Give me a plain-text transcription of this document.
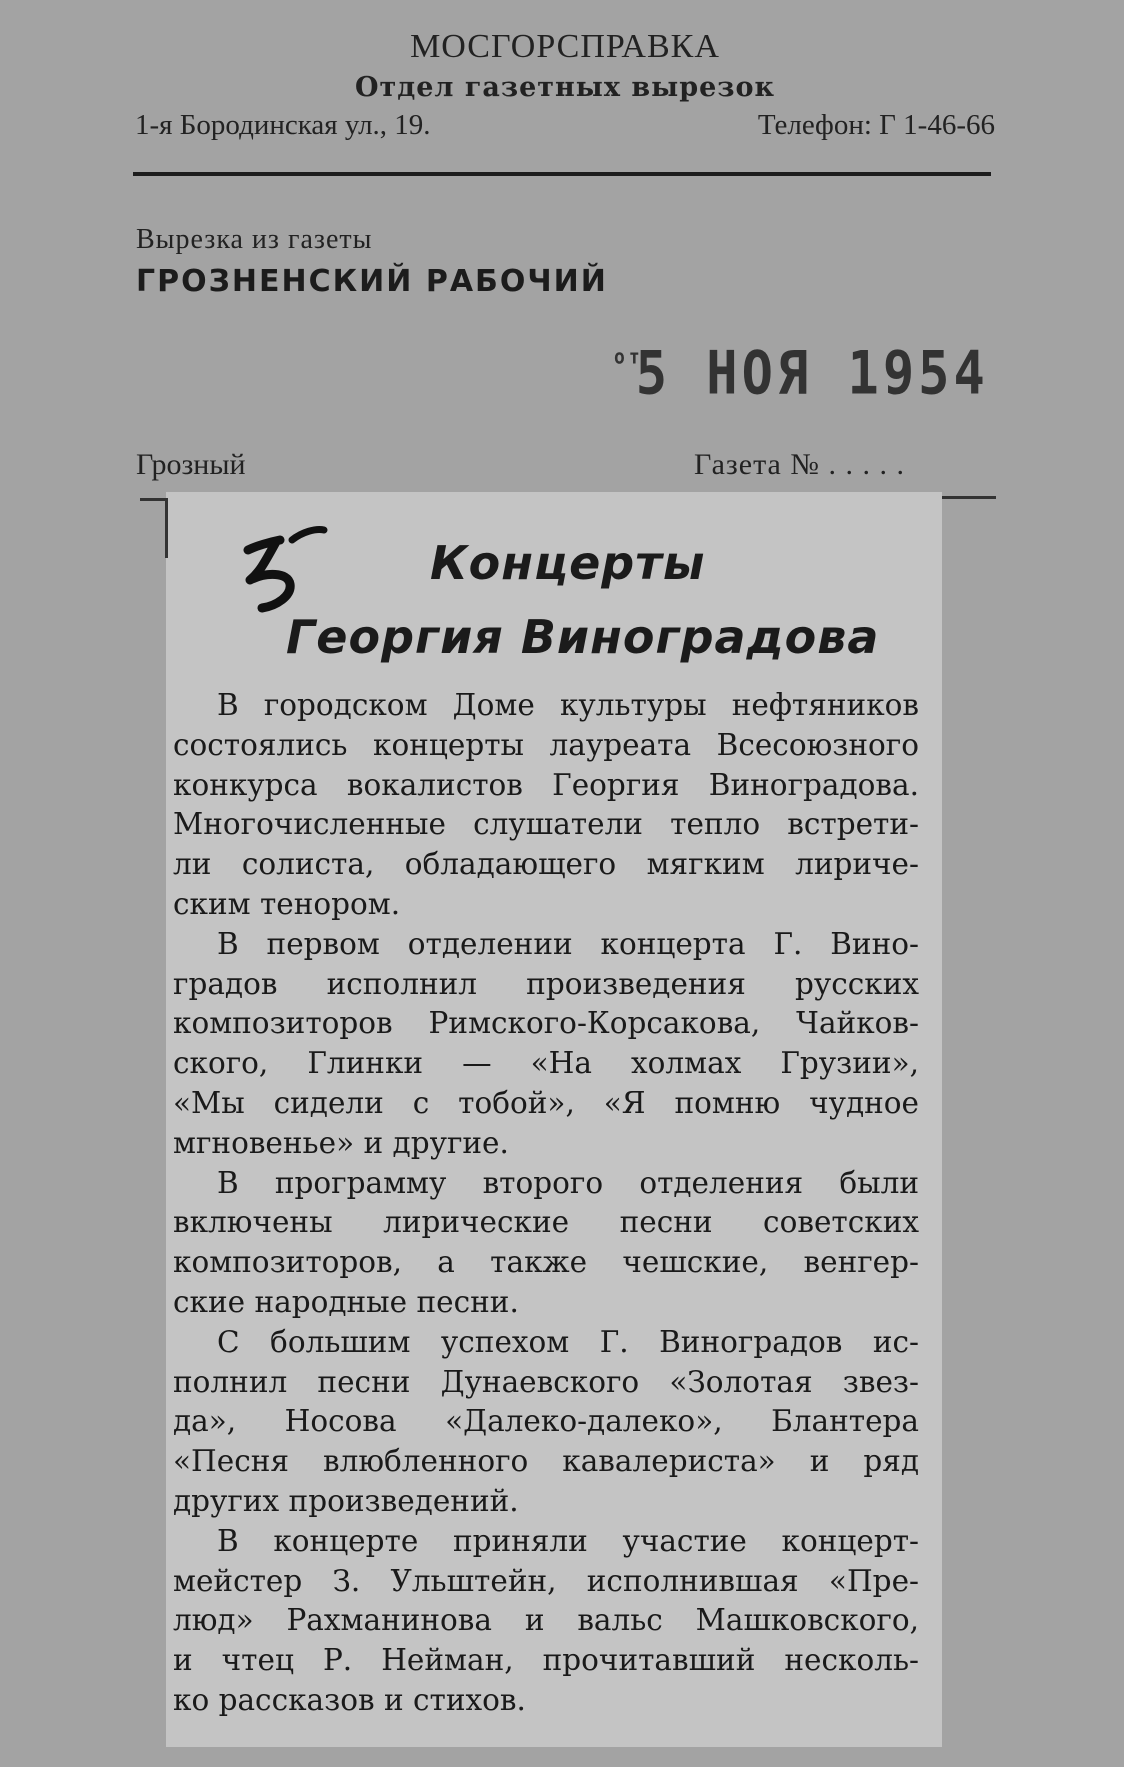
МОСГОРСПРАВКА
Отдел газетных вырезок
1-я Бородинская ул., 19.	Телефон: Г 1-46-66
Вырезка из газеты
ГРОЗНЕНСКИЙ РАБОЧИЙ
$^{от}$5 НОЯ 1954
Грозный	Газета № . . . . .
Концерты
Георгия Виноградова
В городском Доме культуры нефтяников
состоялись концерты лауреата Всесоюзного
конкурса вокалистов Георгия Виноградова.
Многочисленные слушатели тепло встрети-
ли солиста, обладающего мягким лириче-
ским тенором.
В первом отделении концерта Г. Вино-
градов исполнил произведения русских
композиторов Римского-Корсакова, Чайков-
ского, Глинки — «На холмах Грузии»,
«Мы сидели с тобой», «Я помню чудное
мгновенье» и другие.
В программу второго отделения были
включены лирические песни советских
композиторов, а также чешские, венгер-
ские народные песни.
С большим успехом Г. Виноградов ис-
полнил песни Дунаевского «Золотая звез-
да», Носова «Далеко-далеко», Блантера
«Песня влюбленного кавалериста» и ряд
других произведений.
В концерте приняли участие концерт-
мейстер З. Ульштейн, исполнившая «Пре-
люд» Рахманинова и вальс Машковского,
и чтец Р. Нейман, прочитавший несколь-
ко рассказов и стихов.
